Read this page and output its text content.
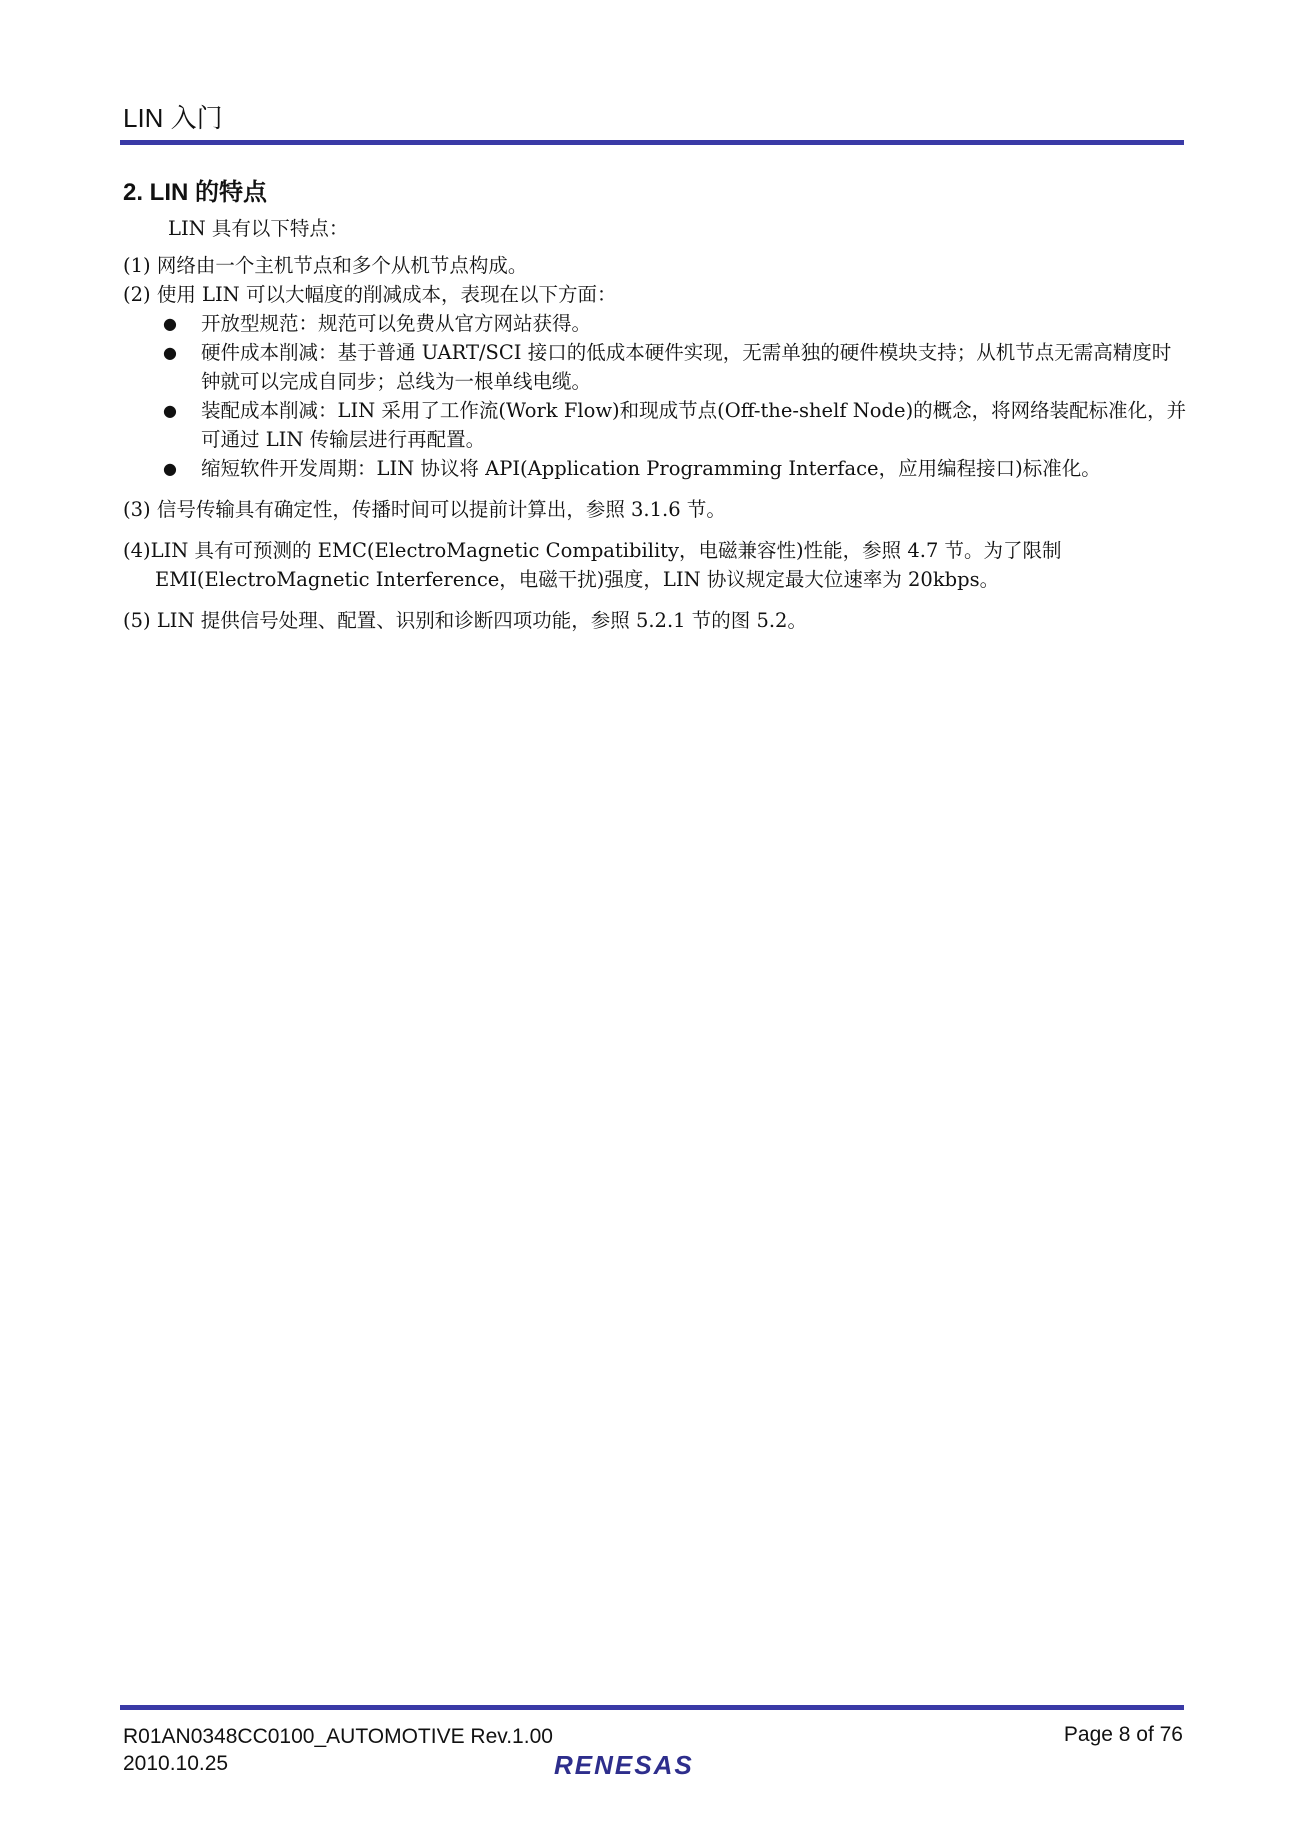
LIN 入门
2. LIN 的特点
LIN 具有以下特点：
(1) 网络由一个主机节点和多个从机节点构成。
(2) 使用 LIN 可以大幅度的削减成本，表现在以下方面：
●	开放型规范：规范可以免费从官方网站获得。
●	硬件成本削减：基于普通 UART/SCI 接口的低成本硬件实现，无需单独的硬件模块支持；从机节点无需高精度时钟就可以完成自同步；总线为一根单线电缆。
●	装配成本削减：LIN 采用了工作流(Work Flow)和现成节点(Off-the-shelf Node)的概念，将网络装配标准化，并可通过 LIN 传输层进行再配置。
●	缩短软件开发周期：LIN 协议将 API(Application Programming Interface，应用编程接口)标准化。
(3) 信号传输具有确定性，传播时间可以提前计算出，参照 3.1.6 节。
(4) LIN 具有可预测的 EMC(ElectroMagnetic Compatibility，电磁兼容性)性能，参照 4.7 节。为了限制
EMI(ElectroMagnetic Interference，电磁干扰)强度，LIN 协议规定最大位速率为 20kbps。
(5) LIN 提供信号处理、配置、识别和诊断四项功能，参照 5.2.1 节的图 5.2。
R01AN0348CC0100_AUTOMOTIVE Rev.1.00
2010.10.25
Page 8 of 76
RENESAS
